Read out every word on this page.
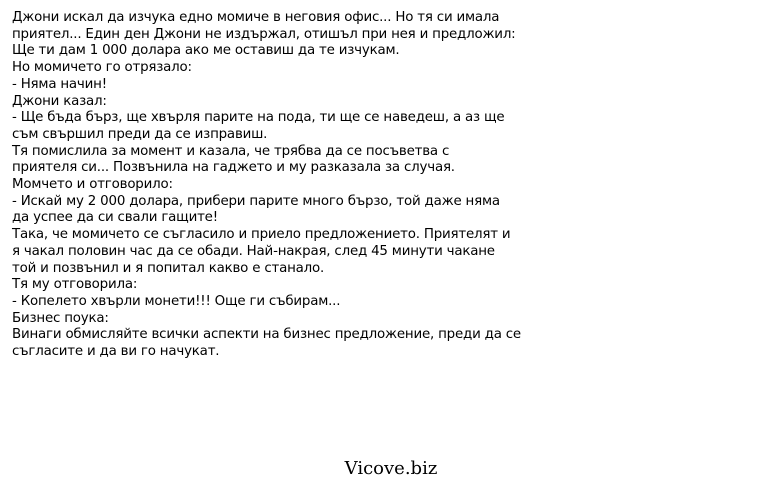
Джони искал да изчука едно момиче в неговия офис... Но тя си имала
приятел... Един ден Джони не издържал, отишъл при нея и предложил:
Ще ти дам 1 000 долара ако ме оставиш да те изчукам.
Но момичето го отрязало:
- Няма начин!
Джони казал:
- Ще бъда бърз, ще хвърля парите на пода, ти ще се наведеш, а аз ще
съм свършил преди да се изправиш.
Тя помислила за момент и казала, че трябва да се посъветва с
приятеля си... Позвънила на гаджето и му разказала за случая.
Момчето и отговорило:
- Искай му 2 000 долара, прибери парите много бързо, той даже няма
да успее да си свали гащите!
Така, че момичето се съгласило и приело предложението. Приятелят и
я чакал половин час да се обади. Най-накрая, след 45 минути чакане
той и позвънил и я попитал какво е станало.
Тя му отговорила:
- Копелето хвърли монети!!! Още ги събирам...
Бизнес поука:
Винаги обмисляйте всички аспекти на бизнес предложение, преди да се
съгласите и да ви го начукат.
Vicove.biz
